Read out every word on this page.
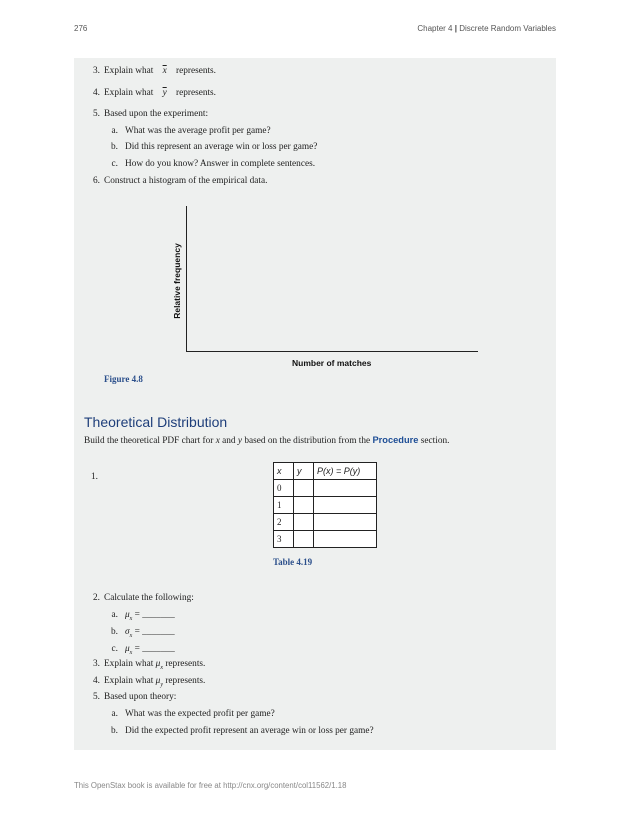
276	Chapter 4 | Discrete Random Variables
3. Explain what $\overline{x}$ represents.
4. Explain what $\overline{y}$ represents.
5. Based upon the experiment:
a. What was the average profit per game?
b. Did this represent an average win or loss per game?
c. How do you know? Answer in complete sentences.
6. Construct a histogram of the empirical data.
Relative frequency
Number of matches
Figure 4.8
Theoretical Distribution
Build the theoretical PDF chart for x and y based on the distribution from the Procedure section.
1.
x	y	P(x) = P(y)
0		
1		
2		
3		
Table 4.19
2. Calculate the following:
a. $\mu_x$ = _______
b. $\sigma_x$ = _______
c. $\mu_x$ = _______
3. Explain what $\mu_x$ represents.
4. Explain what $\mu_y$ represents.
5. Based upon theory:
a. What was the expected profit per game?
b. Did the expected profit represent an average win or loss per game?
This OpenStax book is available for free at http://cnx.org/content/col11562/1.18
